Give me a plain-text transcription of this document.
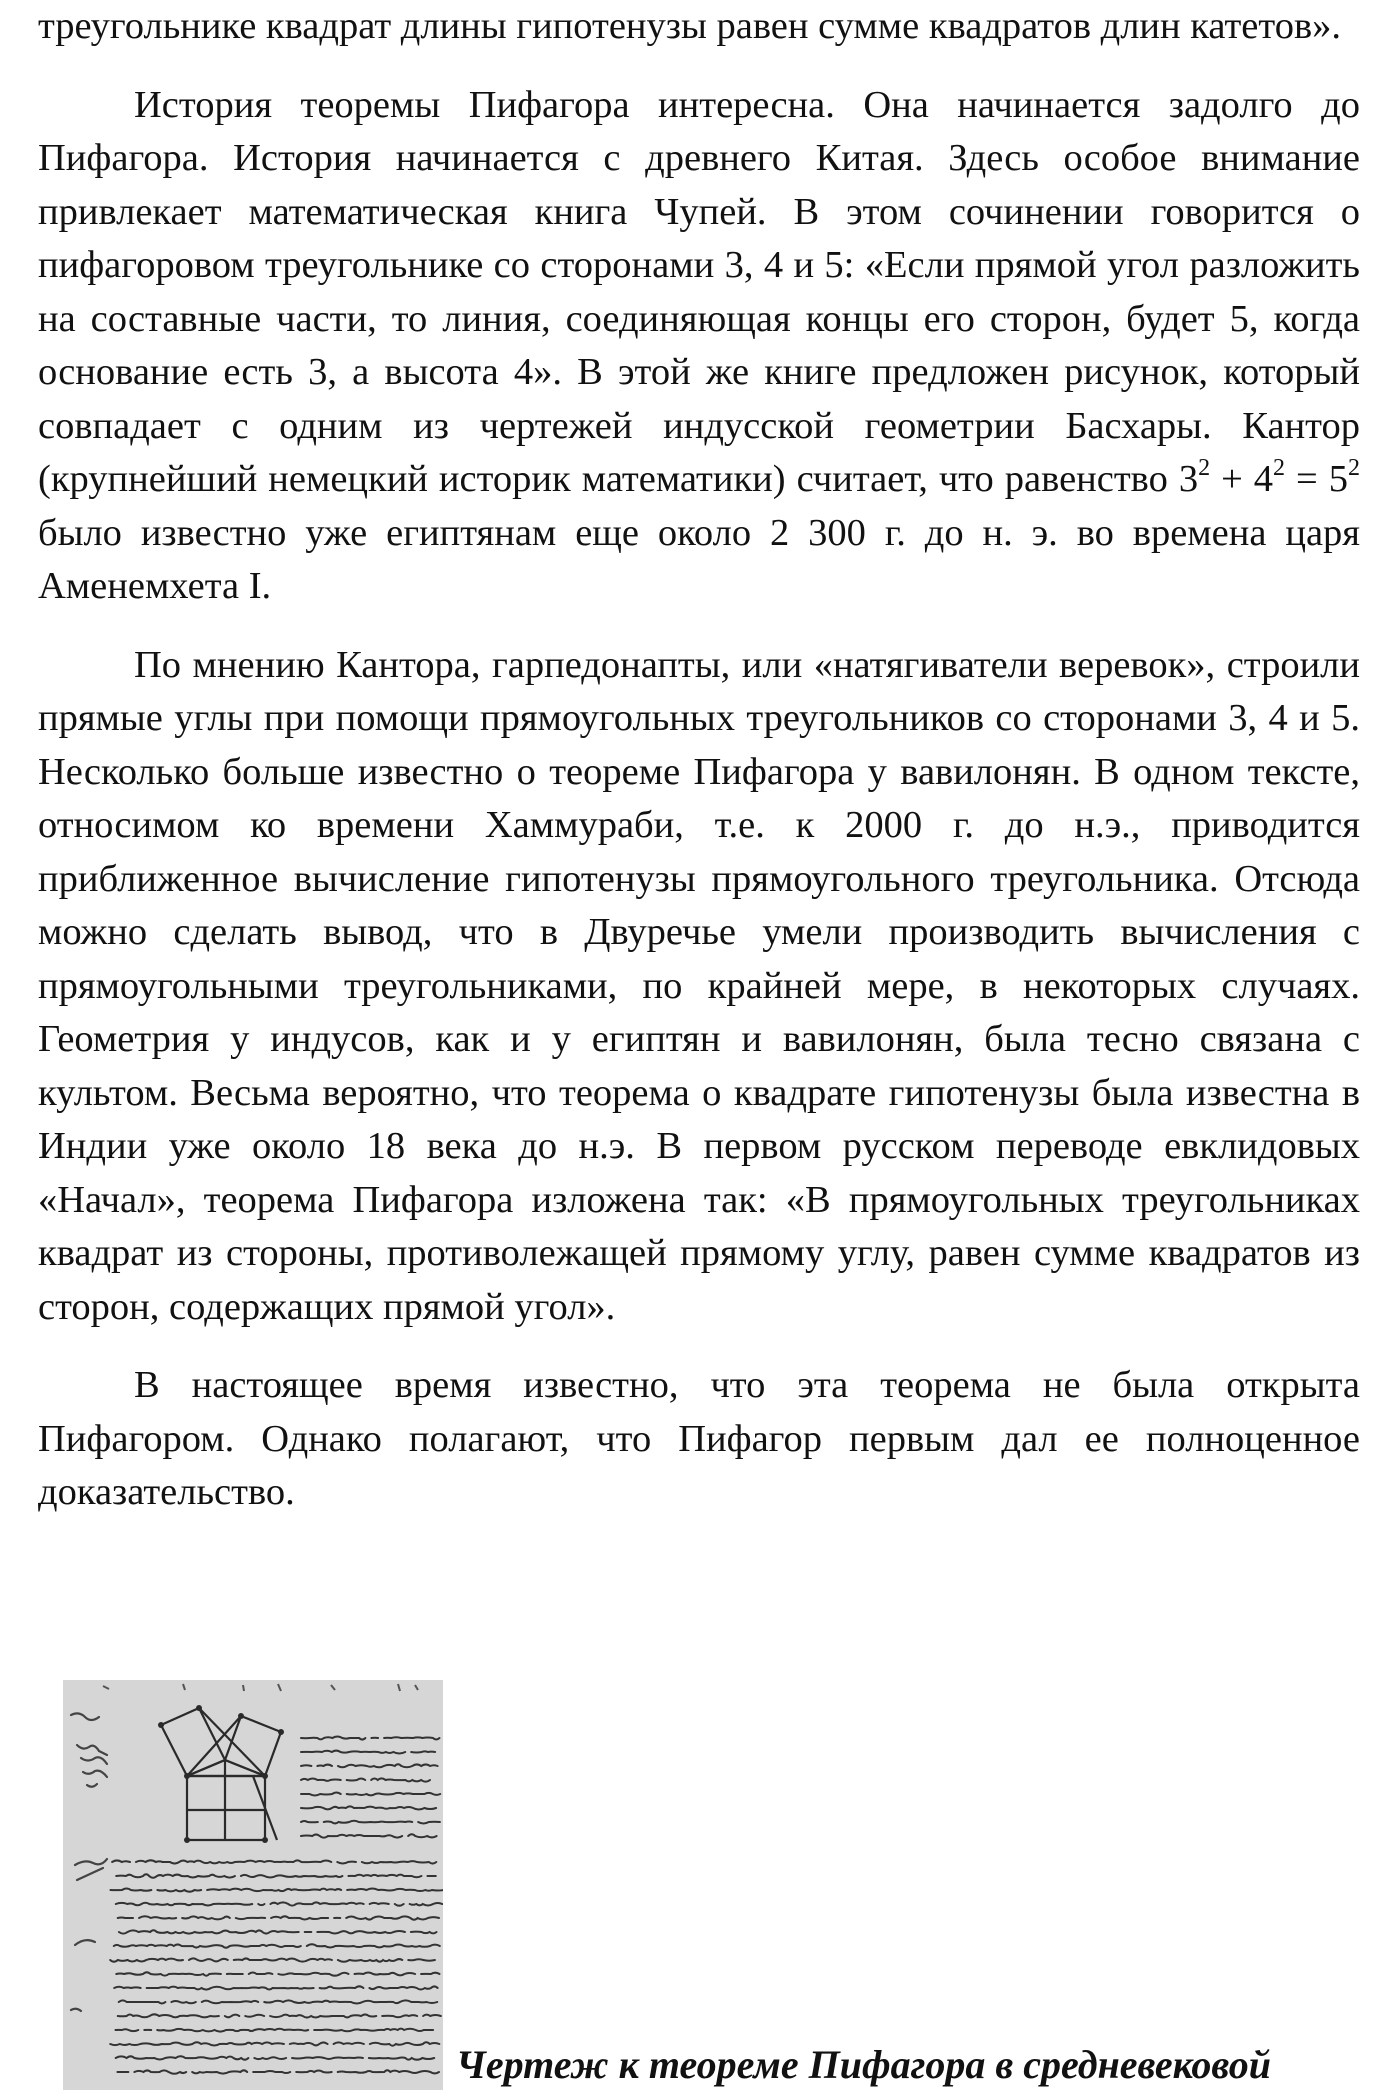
треугольнике квадрат длины гипотенузы равен сумме квадратов длин катетов».

История теоремы Пифагора интересна. Она начинается задолго до Пифагора. История начинается с древнего Китая. Здесь особое внимание привлекает математическая книга Чупей. В этом сочинении говорится о пифагоровом треугольнике со сторонами 3, 4 и 5: «Если прямой угол разложить на составные части, то линия, соединяющая концы его сторон, будет 5, когда основание есть 3, а высота 4». В этой же книге предложен рисунок, который совпадает с одним из чертежей индусской геометрии Басхары. Кантор (крупнейший немецкий историк математики) считает, что равенство $3^2 + 4^2 = 5^2$ было известно уже египтянам еще около 2 300 г. до н. э. во времена царя Аменемхета I.

По мнению Кантора, гарпедонапты, или «натягиватели веревок», строили прямые углы при помощи прямоугольных треугольников со сторонами 3, 4 и 5. Несколько больше известно о теореме Пифагора у вавилонян. В одном тексте, относимом ко времени Хаммураби, т.е. к 2000 г. до н.э., приводится приближенное вычисление гипотенузы прямоугольного треугольника. Отсюда можно сделать вывод, что в Двуречье умели производить вычисления с прямоугольными треугольниками, по крайней мере, в некоторых случаях. Геометрия у индусов, как и у египтян и вавилонян, была тесно связана с культом. Весьма вероятно, что теорема о квадрате гипотенузы была известна в Индии уже около 18 века до н.э. В первом русском переводе евклидовых «Начал», теорема Пифагора изложена так: «В прямоугольных треугольниках квадрат из стороны, противолежащей прямому углу, равен сумме квадратов из сторон, содержащих прямой угол».

В настоящее время известно, что эта теорема не была открыта Пифагором. Однако полагают, что Пифагор первым дал ее полноценное доказательство.

Чертеж к теореме Пифагора в средневековой
